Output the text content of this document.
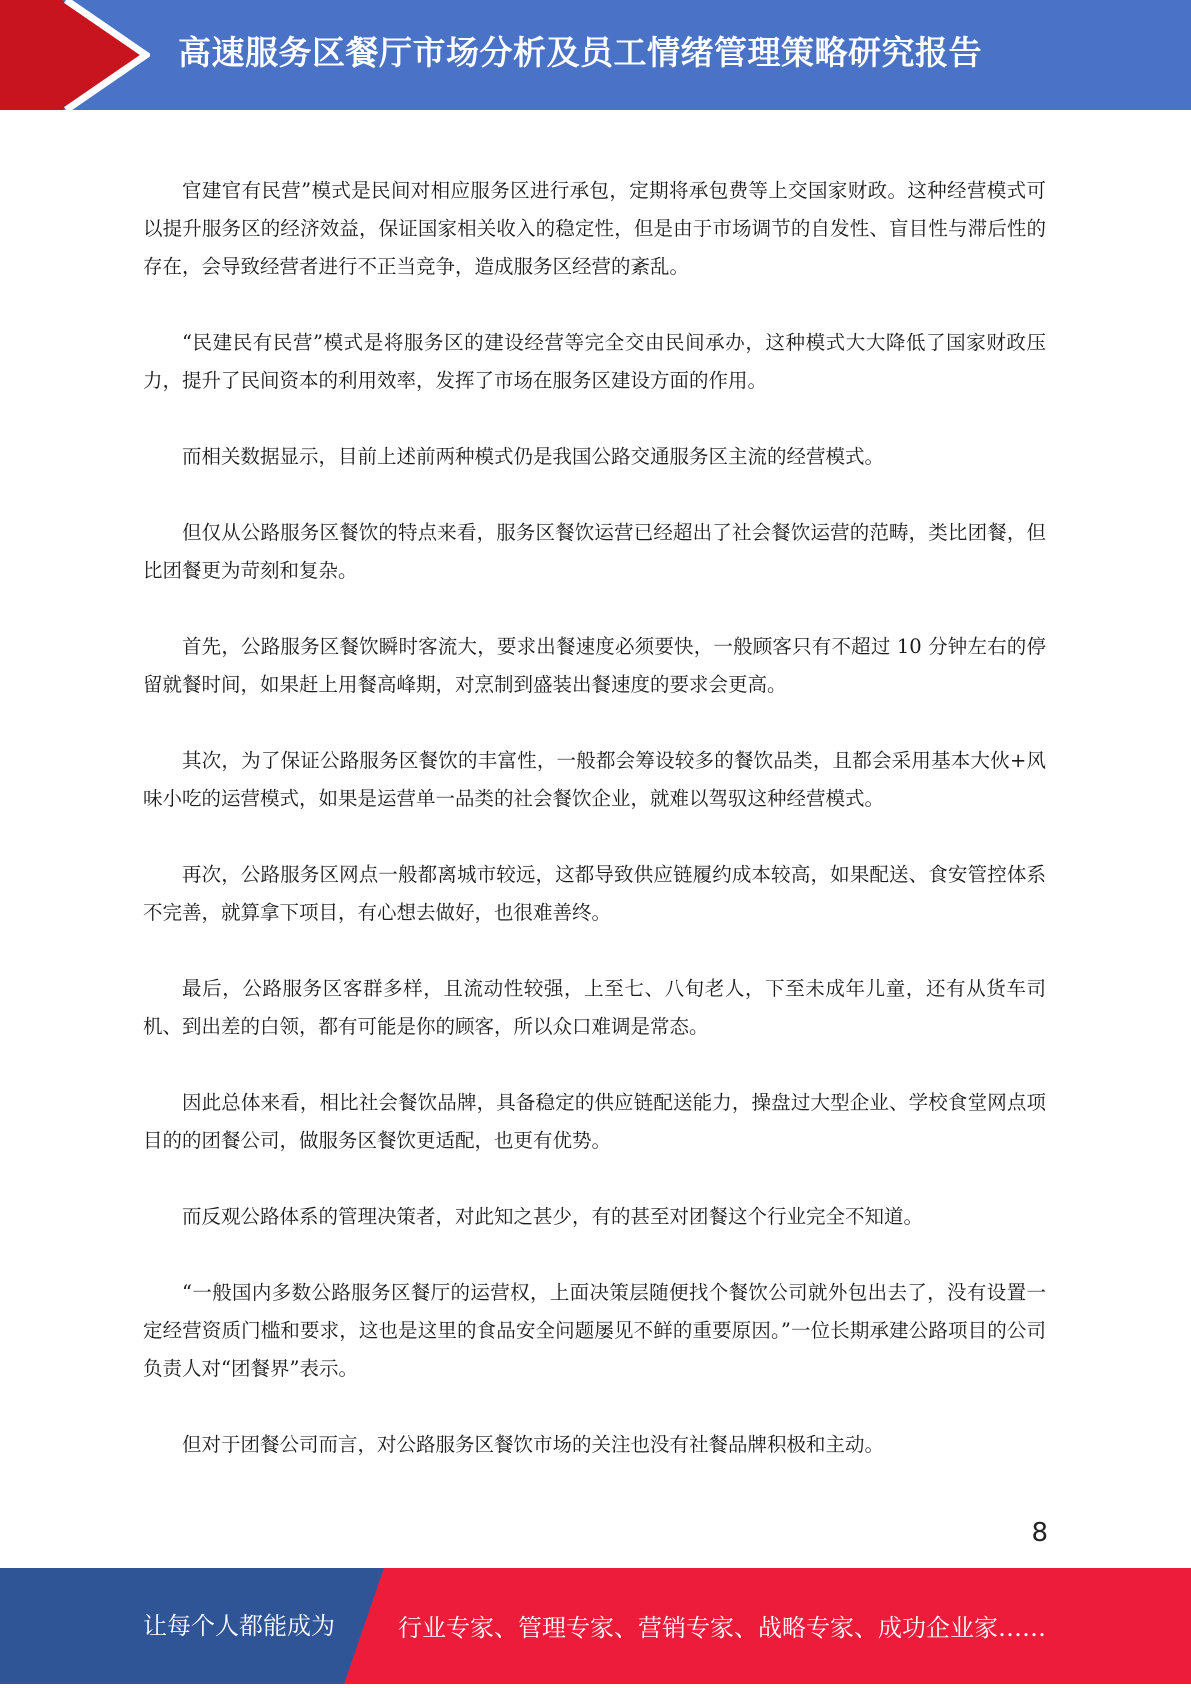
高速服务区餐厅市场分析及员工情绪管理策略研究报告

官建官有民营”模式是民间对相应服务区进行承包，定期将承包费等上交国家财政。这种经营模式可以提升服务区的经济效益，保证国家相关收入的稳定性，但是由于市场调节的自发性、盲目性与滞后性的存在，会导致经营者进行不正当竞争，造成服务区经营的紊乱。

“民建民有民营”模式是将服务区的建设经营等完全交由民间承办，这种模式大大降低了国家财政压力，提升了民间资本的利用效率，发挥了市场在服务区建设方面的作用。

而相关数据显示，目前上述前两种模式仍是我国公路交通服务区主流的经营模式。

但仅从公路服务区餐饮的特点来看，服务区餐饮运营已经超出了社会餐饮运营的范畴，类比团餐，但比团餐更为苛刻和复杂。

首先，公路服务区餐饮瞬时客流大，要求出餐速度必须要快，一般顾客只有不超过 10 分钟左右的停留就餐时间，如果赶上用餐高峰期，对烹制到盛装出餐速度的要求会更高。

其次，为了保证公路服务区餐饮的丰富性，一般都会筹设较多的餐饮品类，且都会采用基本大伙+风味小吃的运营模式，如果是运营单一品类的社会餐饮企业，就难以驾驭这种经营模式。

再次，公路服务区网点一般都离城市较远，这都导致供应链履约成本较高，如果配送、食安管控体系不完善，就算拿下项目，有心想去做好，也很难善终。

最后，公路服务区客群多样，且流动性较强，上至七、八旬老人，下至未成年儿童，还有从货车司机、到出差的白领，都有可能是你的顾客，所以众口难调是常态。

因此总体来看，相比社会餐饮品牌，具备稳定的供应链配送能力，操盘过大型企业、学校食堂网点项目的的团餐公司，做服务区餐饮更适配，也更有优势。

而反观公路体系的管理决策者，对此知之甚少，有的甚至对团餐这个行业完全不知道。

“一般国内多数公路服务区餐厅的运营权，上面决策层随便找个餐饮公司就外包出去了，没有设置一定经营资质门槛和要求，这也是这里的食品安全问题屡见不鲜的重要原因。”一位长期承建公路项目的公司负责人对“团餐界”表示。

但对于团餐公司而言，对公路服务区餐饮市场的关注也没有社餐品牌积极和主动。

8
让每个人都能成为	行业专家、管理专家、营销专家、战略专家、成功企业家……
